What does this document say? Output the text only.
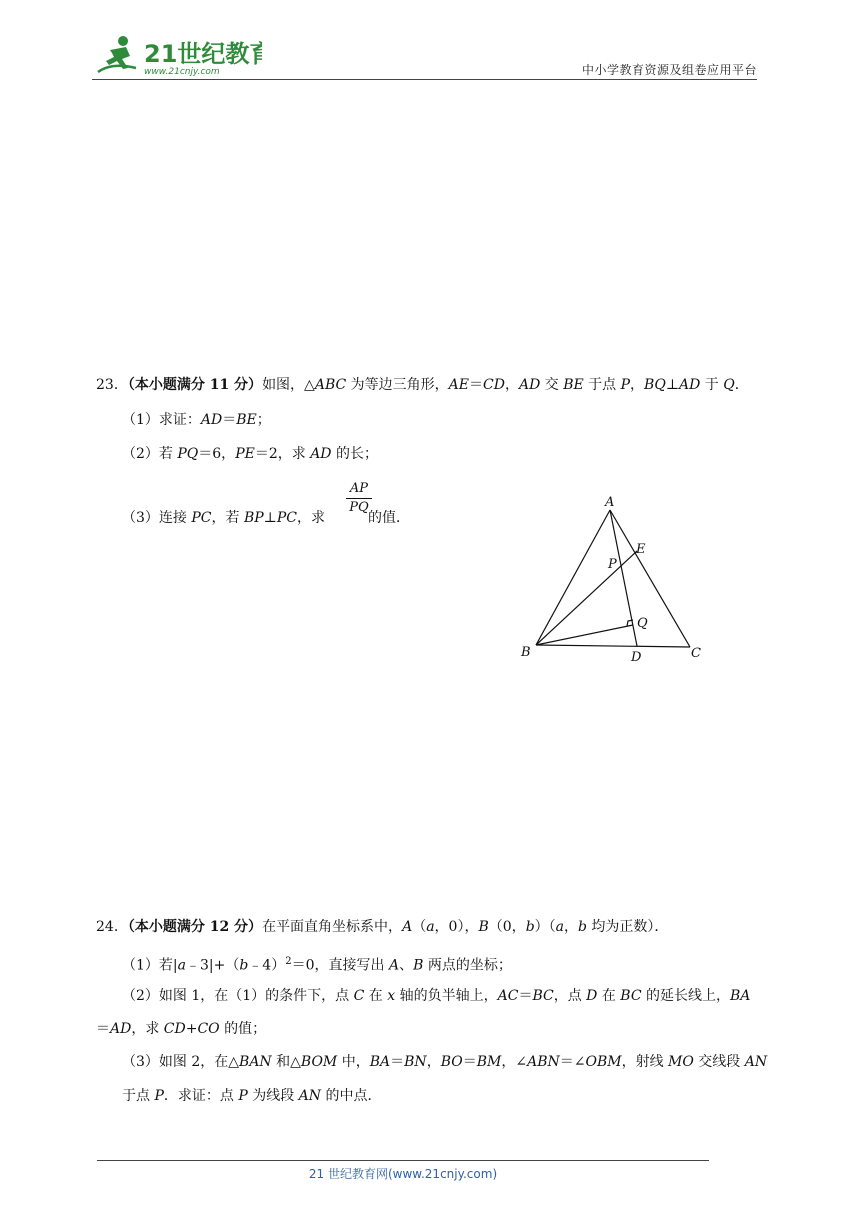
21世纪教育
www.21cnjy.com	中小学教育资源及组卷应用平台
23．（本小题满分 11 分）如图，△ABC 为等边三角形，AE＝CD，AD 交 BE 于点 P，BQ⊥AD 于 Q．
（1）求证：AD＝BE；
（2）若 PQ＝6，PE＝2，求 AD 的长；
（3）连接 PC，若 BP⊥PC，求
AP
PQ
的值．
A
B	C
D
E
P
Q
24．（本小题满分 12 分）在平面直角坐标系中，A（a，0），B（0，b）（a，b 均为正数）．
（1）若|a﹣3|+（b﹣4）$^2$＝0，直接写出 A、B 两点的坐标；
（2）如图 1，在（1）的条件下，点 C 在 x 轴的负半轴上，AC＝BC，点 D 在 BC 的延长线上，BA
＝AD，求 CD+CO 的值；
（3）如图 2，在△BAN 和△BOM 中，BA＝BN，BO＝BM，∠ABN＝∠OBM，射线 MO 交线段 AN
于点 P．求证：点 P 为线段 AN 的中点．
21 世纪教育网(www.21cnjy.com)
